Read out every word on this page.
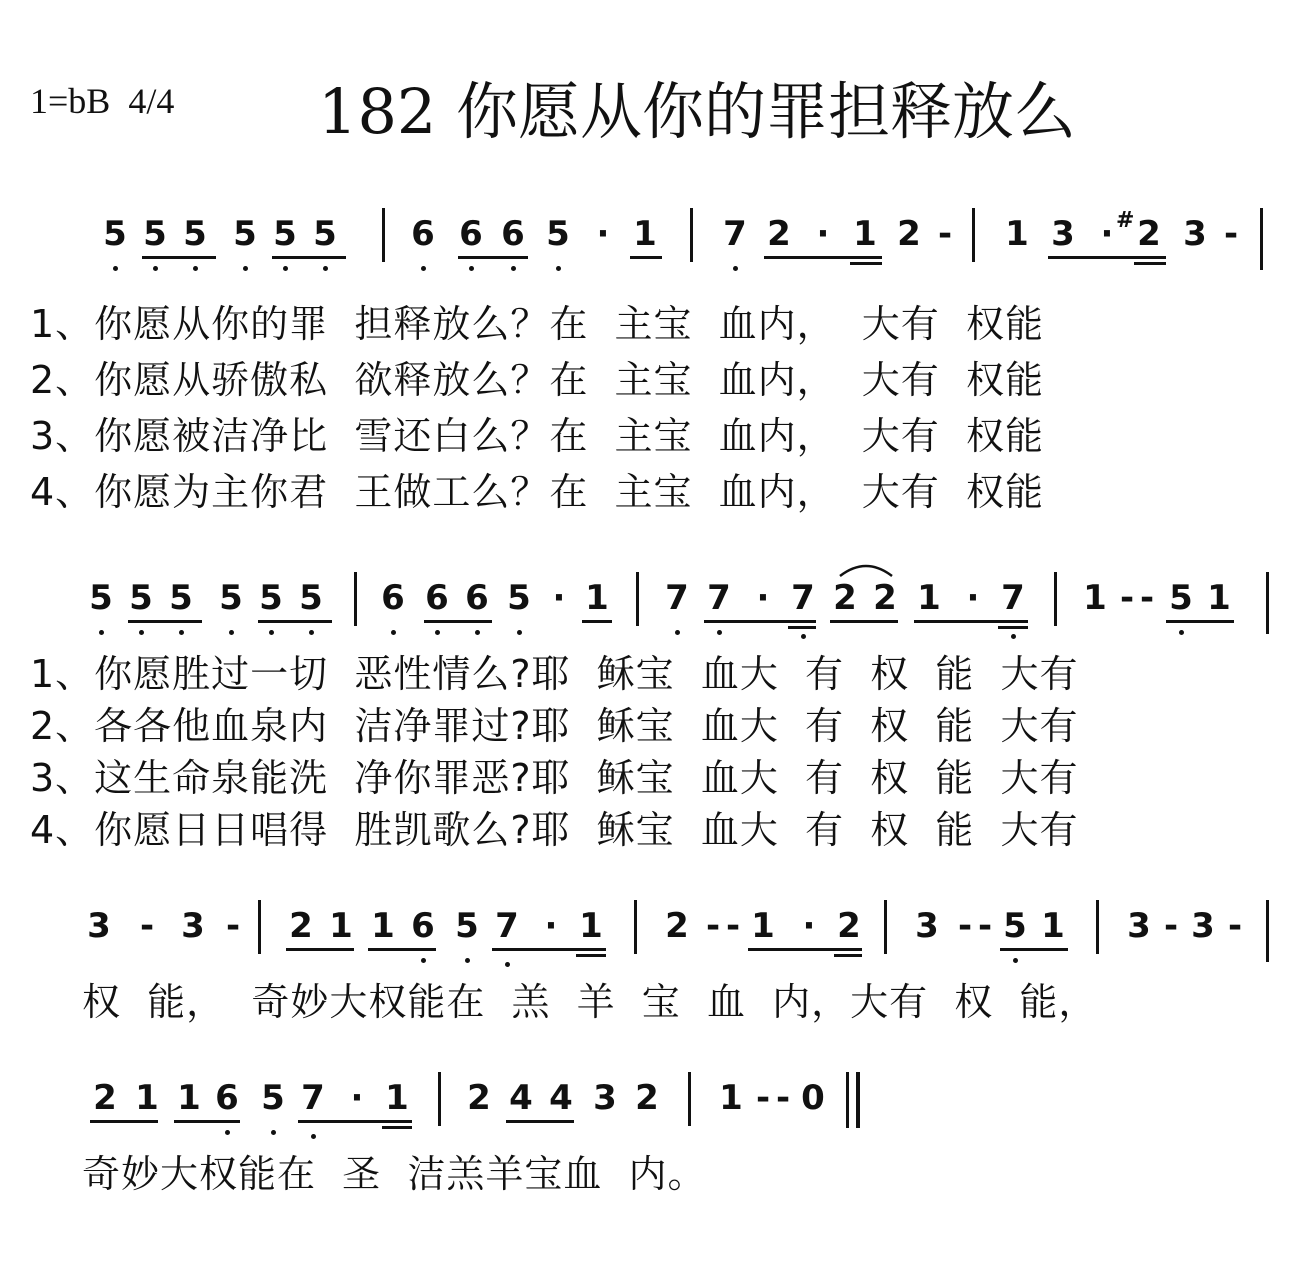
1=bB  4/4 182 你愿从你的罪担释放么
5 5 5 5 5 5 6 6 6 5 · 1 7 2 · 1 2 - 1 3 · # 2 3 -
1、你愿从你的罪  担释放么？在  主宝  血内，  大有  权能
2、你愿从骄傲私  欲释放么？在  主宝  血内，  大有  权能
3、你愿被洁净比  雪还白么？在  主宝  血内，  大有  权能
4、你愿为主你君  王做工么？在  主宝  血内，  大有  权能
5 5 5 5 5 5 6 6 6 5 · 1 7 7 · 7 2 2 1 · 7 1 - - 5 1
1、你愿胜过一切  恶性情么?耶  稣宝  血大  有  权  能  大有
2、各各他血泉内  洁净罪过?耶  稣宝  血大  有  权  能  大有
3、这生命泉能洗  净你罪恶?耶  稣宝  血大  有  权  能  大有
4、你愿日日唱得  胜凯歌么?耶  稣宝  血大  有  权  能  大有
3 - 3 - 2 1 1 6 5 7 · 1 2 - - 1 · 2 3 - - 5 1 3 - 3 -
权  能，  奇妙大权能在  羔  羊  宝  血  内，大有  权  能，
2 1 1 6 5 7 · 1 2 4 4 3 2 1 - - 0
奇妙大权能在  圣  洁羔羊宝血  内。
